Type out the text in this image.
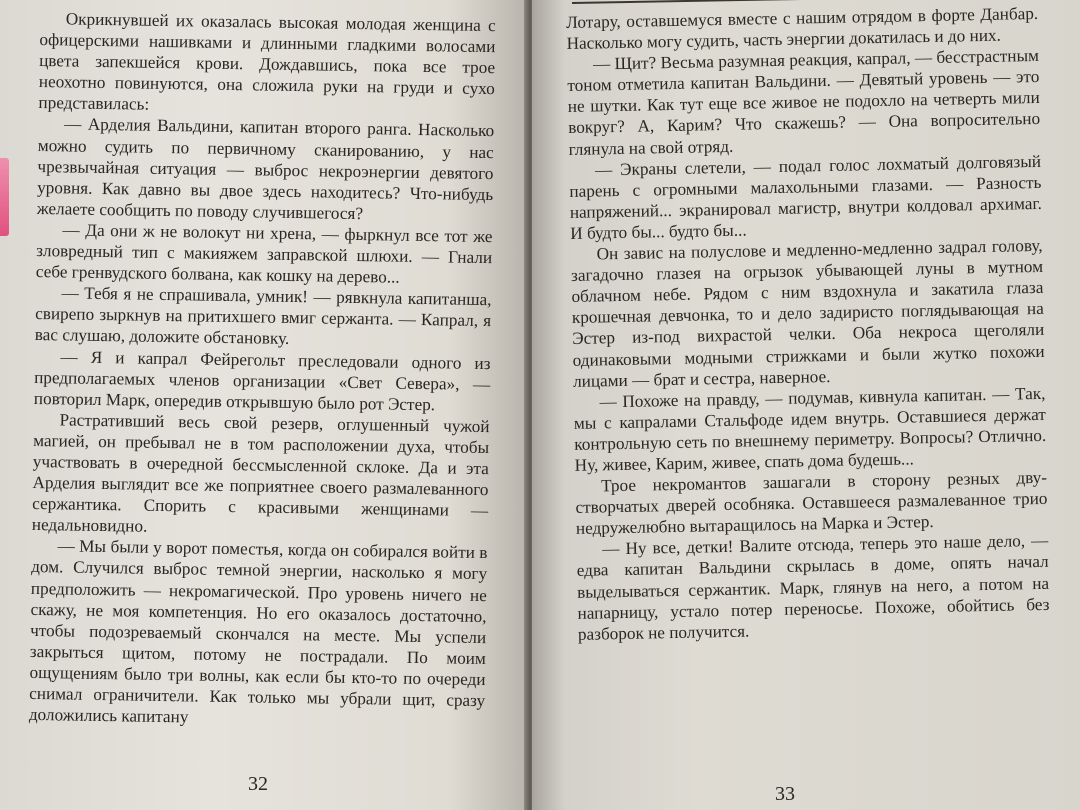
Окрикнувшей их оказалась высокая молодая женщина с офицерскими нашивками и длинными гладкими волосами цвета запекшейся крови. Дождавшись, пока все трое неохотно повинуются, она сложила руки на груди и сухо представилась:

— Арделия Вальдини, капитан второго ранга. Насколько можно судить по первичному сканированию, у нас чрезвычайная ситуация — выброс некроэнергии девятого уровня. Как давно вы двое здесь находитесь? Что-нибудь желаете сообщить по поводу случившегося?

— Да они ж не волокут ни хрена, — фыркнул все тот же зловредный тип с макияжем заправской шлюхи. — Гнали себе гренвудского болвана, как кошку на дерево...

— Тебя я не спрашивала, умник! — рявкнула капитанша, свирепо зыркнув на притихшего вмиг сержанта. — Капрал, я вас слушаю, доложите обстановку.

— Я и капрал Фейрегольт преследовали одного из предполагаемых членов организации «Свет Севера», — повторил Марк, опередив открывшую было рот Эстер.

Растративший весь свой резерв, оглушенный чужой магией, он пребывал не в том расположении духа, чтобы участвовать в очередной бессмысленной склоке. Да и эта Арделия выглядит все же поприятнее своего размалеванного сержантика. Спорить с красивыми женщинами — недальновидно.

— Мы были у ворот поместья, когда он собирался войти в дом. Случился выброс темной энергии, насколько я могу предположить — некромагической. Про уровень ничего не скажу, не моя компетенция. Но его оказалось достаточно, чтобы подозреваемый скончался на месте. Мы успели закрыться щитом, потому не пострадали. По моим ощущениям было три волны, как если бы кто-то по очереди снимал ограничители. Как только мы убрали щит, сразу доложились капитану

32

Лотару, оставшемуся вместе с нашим отрядом в форте Данбар. Насколько могу судить, часть энергии докатилась и до них.

— Щит? Весьма разумная реакция, капрал, — бесстрастным тоном отметила капитан Вальдини. — Девятый уровень — это не шутки. Как тут еще все живое не подохло на четверть мили вокруг? А, Карим? Что скажешь? — Она вопросительно глянула на свой отряд.

— Экраны слетели, — подал голос лохматый долговязый парень с огромными малахольными глазами. — Разность напряжений... экранировал магистр, внутри колдовал архимаг. И будто бы... будто бы...

Он завис на полуслове и медленно-медленно задрал голову, загадочно глазея на огрызок убывающей луны в мутном облачном небе. Рядом с ним вздохнула и закатила глаза крошечная девчонка, то и дело задиристо поглядывающая на Эстер из-под вихрастой челки. Оба некроса щеголяли одинаковыми модными стрижками и были жутко похожи лицами — брат и сестра, наверное.

— Похоже на правду, — подумав, кивнула капитан. — Так, мы с капралами Стальфоде идем внутрь. Оставшиеся держат контрольную сеть по внешнему периметру. Вопросы? Отлично. Ну, живее, Карим, живее, спать дома будешь...

Трое некромантов зашагали в сторону резных двустворчатых дверей особняка. Оставшееся размалеванное трио недружелюбно вытаращилось на Марка и Эстер.

— Ну все, детки! Валите отсюда, теперь это наше дело, — едва капитан Вальдини скрылась в доме, опять начал выделываться сержантик. Марк, глянув на него, а потом на напарницу, устало потер переносье. Похоже, обойтись без разборок не получится.

33
